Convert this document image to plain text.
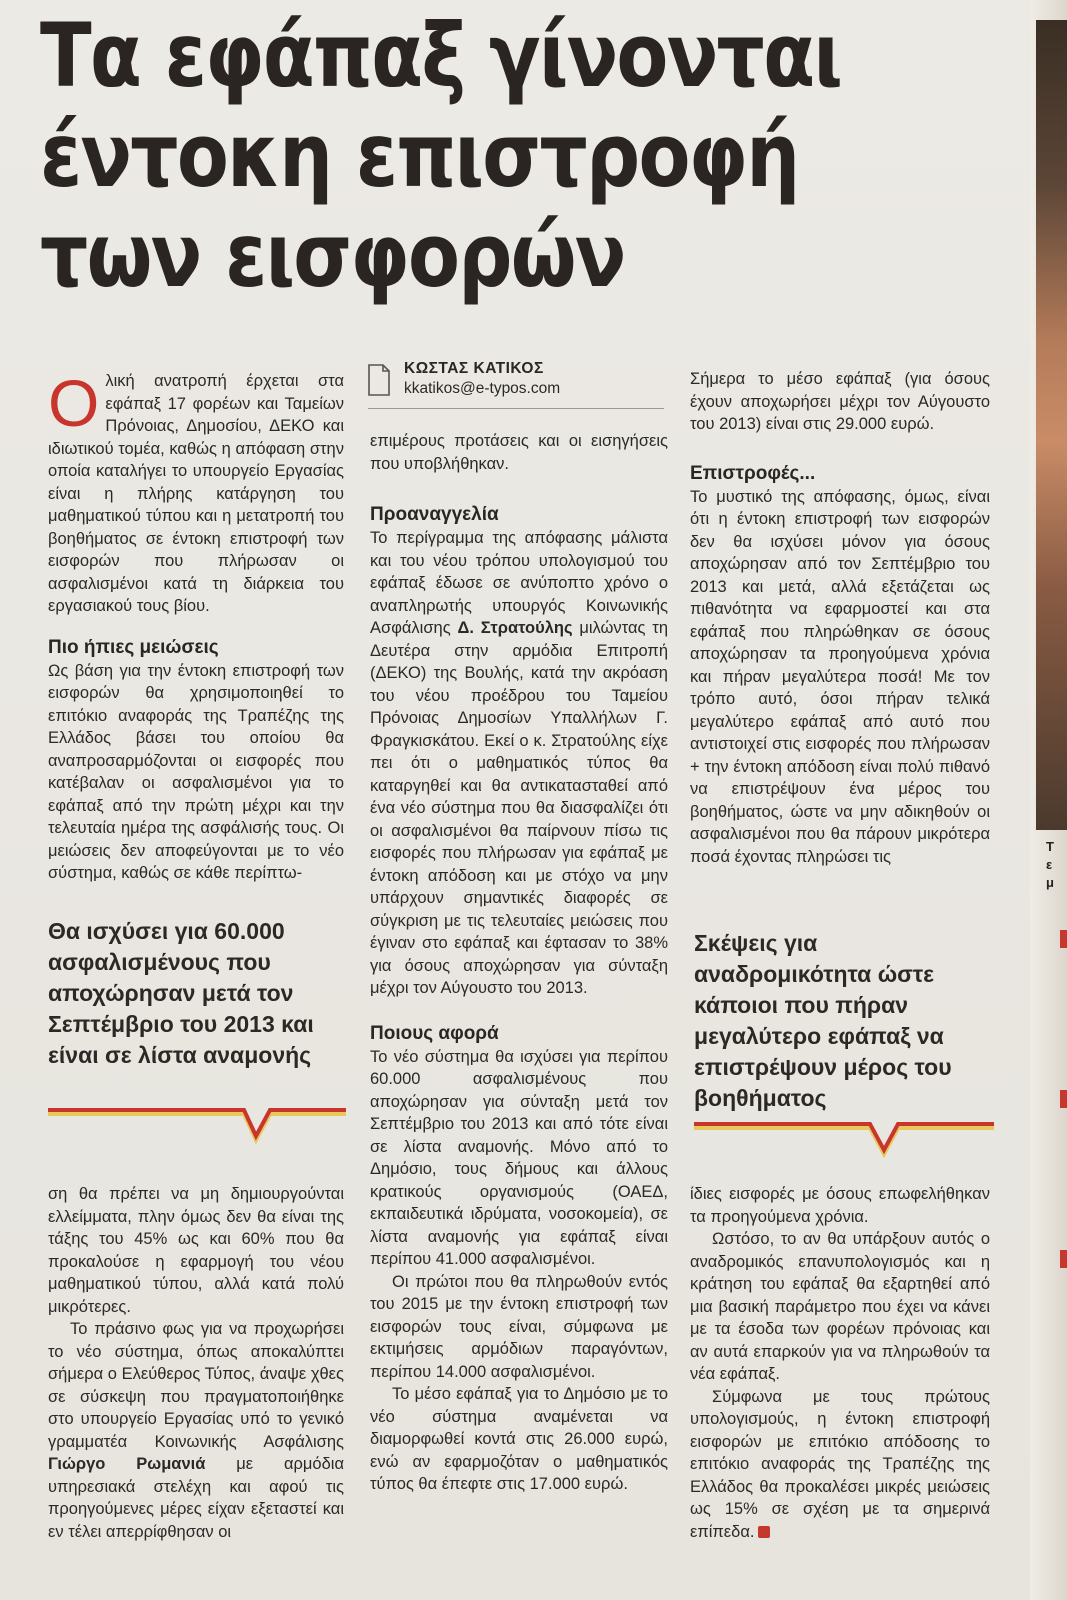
Τ
ε
μ
Τα εφάπαξ γίνονται
έντοκη επιστροφή
των εισφορών

Ολική ανατροπή έρχεται στα εφάπαξ 17 φορέων και Ταμείων Πρόνοιας, Δημοσίου, ΔΕΚΟ και ιδιωτικού τομέα, καθώς η απόφαση στην οποία καταλήγει το υπουργείο Εργασίας είναι η πλήρης κατάργηση του μαθηματικού τύπου και η μετατροπή του βοηθήματος σε έντοκη επιστροφή των εισφορών που πλήρωσαν οι ασφαλισμένοι κατά τη διάρκεια του εργασιακού τους βίου.

Πιο ήπιες μειώσεις

Ως βάση για την έντοκη επιστροφή των εισφορών θα χρησιμοποιηθεί το επιτόκιο αναφοράς της Τραπέζης της Ελλάδος βάσει του οποίου θα αναπροσαρμόζονται οι εισφορές που κατέβαλαν οι ασφαλισμένοι για το εφάπαξ από την πρώτη μέχρι και την τελευταία ημέρα της ασφάλισής τους. Οι μειώσεις δεν αποφεύγονται με το νέο σύστημα, καθώς σε κάθε περίπτω-

Θα ισχύσει για 60.000 ασφαλισμένους που αποχώρησαν μετά τον Σεπτέμβριο του 2013 και είναι σε λίστα αναμονής

ση θα πρέπει να μη δημιουργούνται ελλείμματα, πλην όμως δεν θα είναι της τάξης του 45% ως και 60% που θα προκαλούσε η εφαρμογή του νέου μαθηματικού τύπου, αλλά κατά πολύ μικρότερες.

Το πράσινο φως για να προχωρήσει το νέο σύστημα, όπως αποκαλύπτει σήμερα ο Ελεύθερος Τύπος, άναψε χθες σε σύσκεψη που πραγματοποιήθηκε στο υπουργείο Εργασίας υπό το γενικό γραμματέα Κοινωνικής Ασφάλισης Γιώργο Ρωμανιά με αρμόδια υπηρεσιακά στελέχη και αφού τις προηγούμενες μέρες είχαν εξεταστεί και εν τέλει απερρίφθησαν οι

ΚΩΣΤΑΣ ΚΑΤΙΚΟΣ
kkatikos@e-typos.com

επιμέρους προτάσεις και οι εισηγήσεις που υποβλήθηκαν.

Προαναγγελία

Το περίγραμμα της απόφασης μάλιστα και του νέου τρόπου υπολογισμού του εφάπαξ έδωσε σε ανύποπτο χρόνο ο αναπληρωτής υπουργός Κοινωνικής Ασφάλισης Δ. Στρατούλης μιλώντας τη Δευτέρα στην αρμόδια Επιτροπή (ΔΕΚΟ) της Βουλής, κατά την ακρόαση του νέου προέδρου του Ταμείου Πρόνοιας Δημοσίων Υπαλλήλων Γ. Φραγκισκάτου. Εκεί ο κ. Στρατούλης είχε πει ότι ο μαθηματικός τύπος θα καταργηθεί και θα αντικατασταθεί από ένα νέο σύστημα που θα διασφαλίζει ότι οι ασφαλισμένοι θα παίρνουν πίσω τις εισφορές που πλήρωσαν για εφάπαξ με έντοκη απόδοση και με στόχο να μην υπάρχουν σημαντικές διαφορές σε σύγκριση με τις τελευταίες μειώσεις που έγιναν στο εφάπαξ και έφτασαν το 38% για όσους αποχώρησαν για σύνταξη μέχρι τον Αύγουστο του 2013.

Ποιους αφορά

Το νέο σύστημα θα ισχύσει για περίπου 60.000 ασφαλισμένους που αποχώρησαν για σύνταξη μετά τον Σεπτέμβριο του 2013 και από τότε είναι σε λίστα αναμονής. Μόνο από το Δημόσιο, τους δήμους και άλλους κρατικούς οργανισμούς (ΟΑΕΔ, εκπαιδευτικά ιδρύματα, νοσοκομεία), σε λίστα αναμονής για εφάπαξ είναι περίπου 41.000 ασφαλισμένοι.

Οι πρώτοι που θα πληρωθούν εντός του 2015 με την έντοκη επιστροφή των εισφορών τους είναι, σύμφωνα με εκτιμήσεις αρμόδιων παραγόντων, περίπου 14.000 ασφαλισμένοι.

Το μέσο εφάπαξ για το Δημόσιο με το νέο σύστημα αναμένεται να διαμορφωθεί κοντά στις 26.000 ευρώ, ενώ αν εφαρμοζόταν ο μαθηματικός τύπος θα έπεφτε στις 17.000 ευρώ.

Σήμερα το μέσο εφάπαξ (για όσους έχουν αποχωρήσει μέχρι τον Αύγουστο του 2013) είναι στις 29.000 ευρώ.

Επιστροφές...

Το μυστικό της απόφασης, όμως, είναι ότι η έντοκη επιστροφή των εισφορών δεν θα ισχύσει μόνον για όσους αποχώρησαν από τον Σεπτέμβριο του 2013 και μετά, αλλά εξετάζεται ως πιθανότητα να εφαρμοστεί και στα εφάπαξ που πληρώθηκαν σε όσους αποχώρησαν τα προηγούμενα χρόνια και πήραν μεγαλύτερα ποσά! Με τον τρόπο αυτό, όσοι πήραν τελικά μεγαλύτερο εφάπαξ από αυτό που αντιστοιχεί στις εισφορές που πλήρωσαν + την έντοκη απόδοση είναι πολύ πιθανό να επιστρέψουν ένα μέρος του βοηθήματος, ώστε να μην αδικηθούν οι ασφαλισμένοι που θα πάρουν μικρότερα ποσά έχοντας πληρώσει τις

Σκέψεις για αναδρομικότητα ώστε κάποιοι που πήραν μεγαλύτερο εφάπαξ να επιστρέψουν μέρος του βοηθήματος

ίδιες εισφορές με όσους επωφελήθηκαν τα προηγούμενα χρόνια.

Ωστόσο, το αν θα υπάρξουν αυτός ο αναδρομικός επανυπολογισμός και η κράτηση του εφάπαξ θα εξαρτηθεί από μια βασική παράμετρο που έχει να κάνει με τα έσοδα των φορέων πρόνοιας και αν αυτά επαρκούν για να πληρωθούν τα νέα εφάπαξ.

Σύμφωνα με τους πρώτους υπολογισμούς, η έντοκη επιστροφή εισφορών με επιτόκιο απόδοσης το επιτόκιο αναφοράς της Τραπέζης της Ελλάδος θα προκαλέσει μικρές μειώσεις ως 15% σε σχέση με τα σημερινά επίπεδα.
